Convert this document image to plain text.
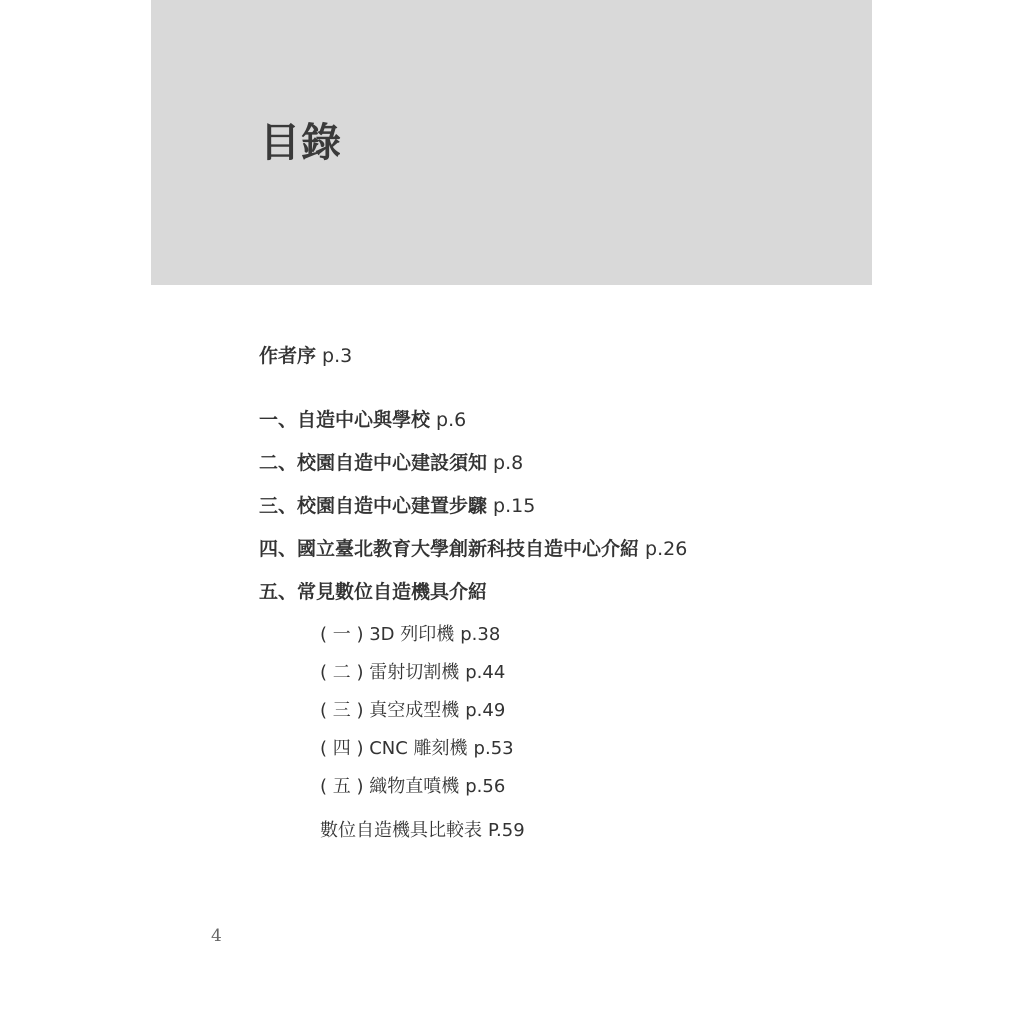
目錄
作者序 p.3
一、自造中心與學校 p.6
二、校園自造中心建設須知 p.8
三、校園自造中心建置步驟 p.15
四、國立臺北教育大學創新科技自造中心介紹 p.26
五、常見數位自造機具介紹
( 一 ) 3D 列印機 p.38
( 二 ) 雷射切割機 p.44
( 三 ) 真空成型機 p.49
( 四 ) CNC 雕刻機 p.53
( 五 ) 織物直噴機 p.56
數位自造機具比較表 P.59
4
